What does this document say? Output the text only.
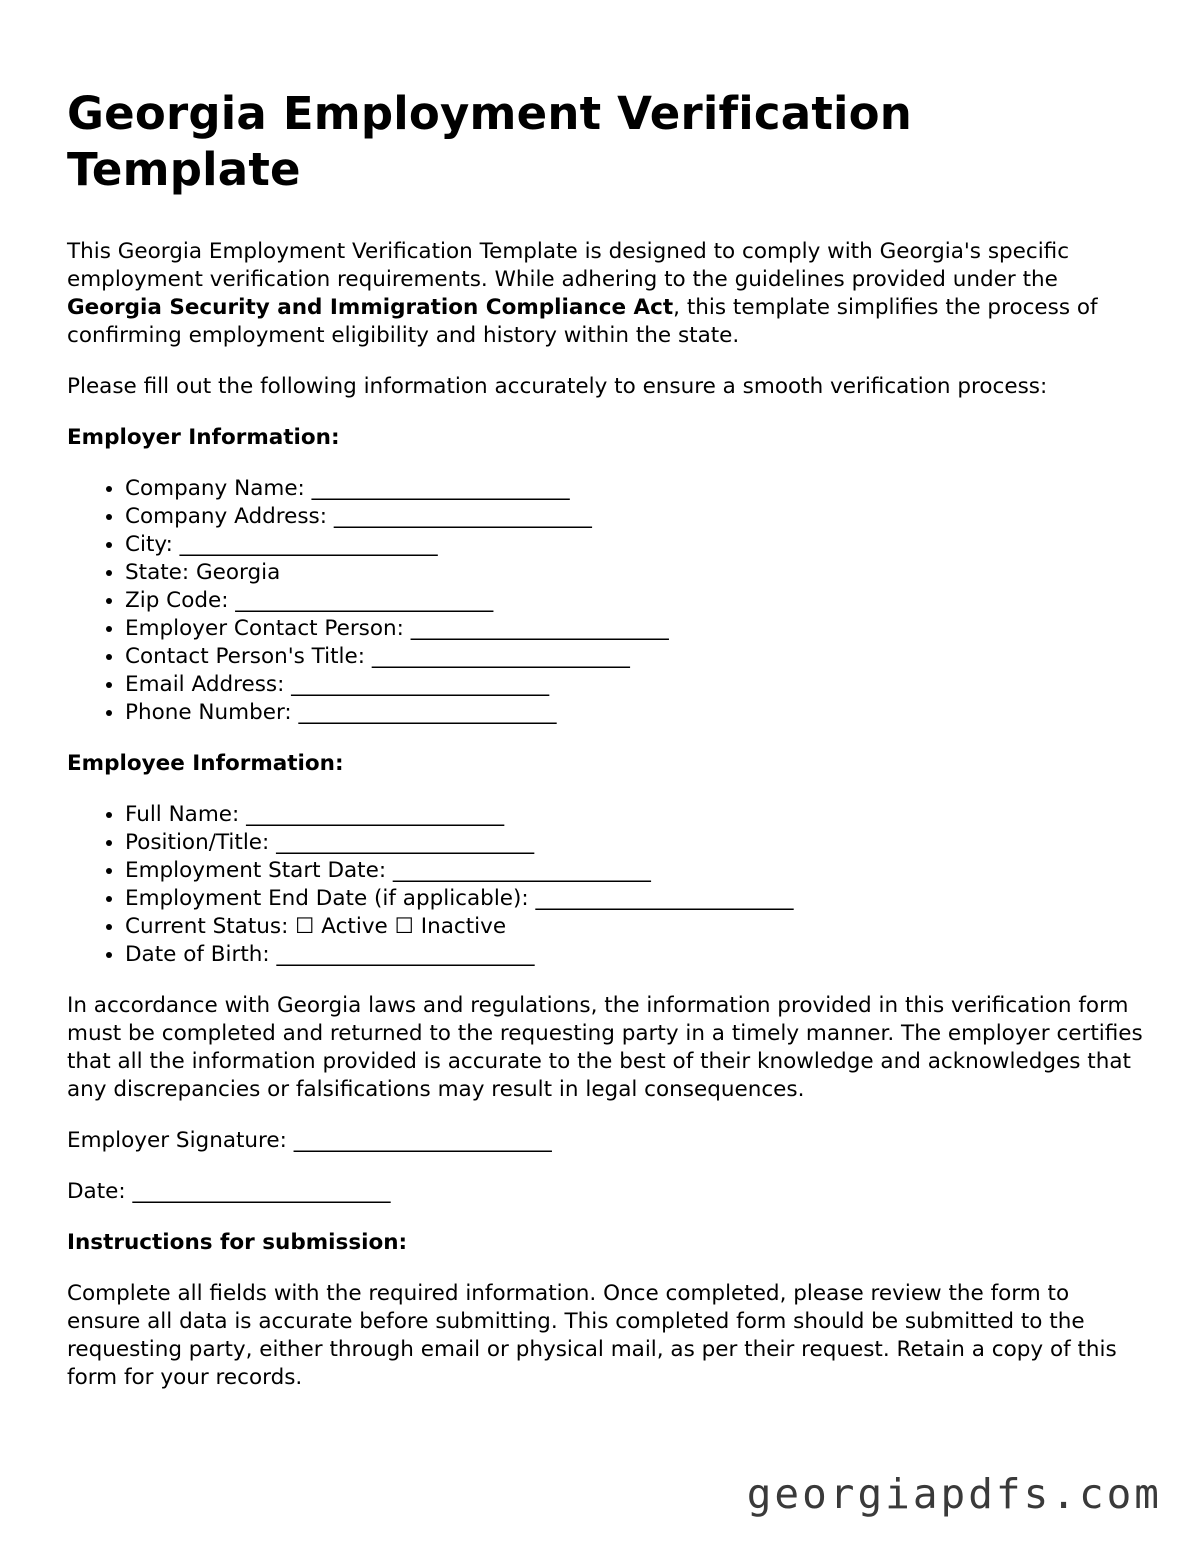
Georgia Employment Verification Template

This Georgia Employment Verification Template is designed to comply with Georgia's specific employment verification requirements. While adhering to the guidelines provided under the Georgia Security and Immigration Compliance Act, this template simplifies the process of confirming employment eligibility and history within the state.

Please fill out the following information accurately to ensure a smooth verification process:

Employer Information:
• Company Name: ________________________
• Company Address: ________________________
• City: ________________________
• State: Georgia
• Zip Code: ________________________
• Employer Contact Person: ________________________
• Contact Person's Title: ________________________
• Email Address: ________________________
• Phone Number: ________________________
Employee Information:
• Full Name: ________________________
• Position/Title: ________________________
• Employment Start Date: ________________________
• Employment End Date (if applicable): ________________________
• Current Status: ☐ Active ☐ Inactive
• Date of Birth: ________________________

In accordance with Georgia laws and regulations, the information provided in this verification form must be completed and returned to the requesting party in a timely manner. The employer certifies that all the information provided is accurate to the best of their knowledge and acknowledges that any discrepancies or falsifications may result in legal consequences.

Employer Signature: ________________________

Date: ________________________

Instructions for submission:

Complete all fields with the required information. Once completed, please review the form to ensure all data is accurate before submitting. This completed form should be submitted to the requesting party, either through email or physical mail, as per their request. Retain a copy of this form for your records.

georgiapdfs.com
